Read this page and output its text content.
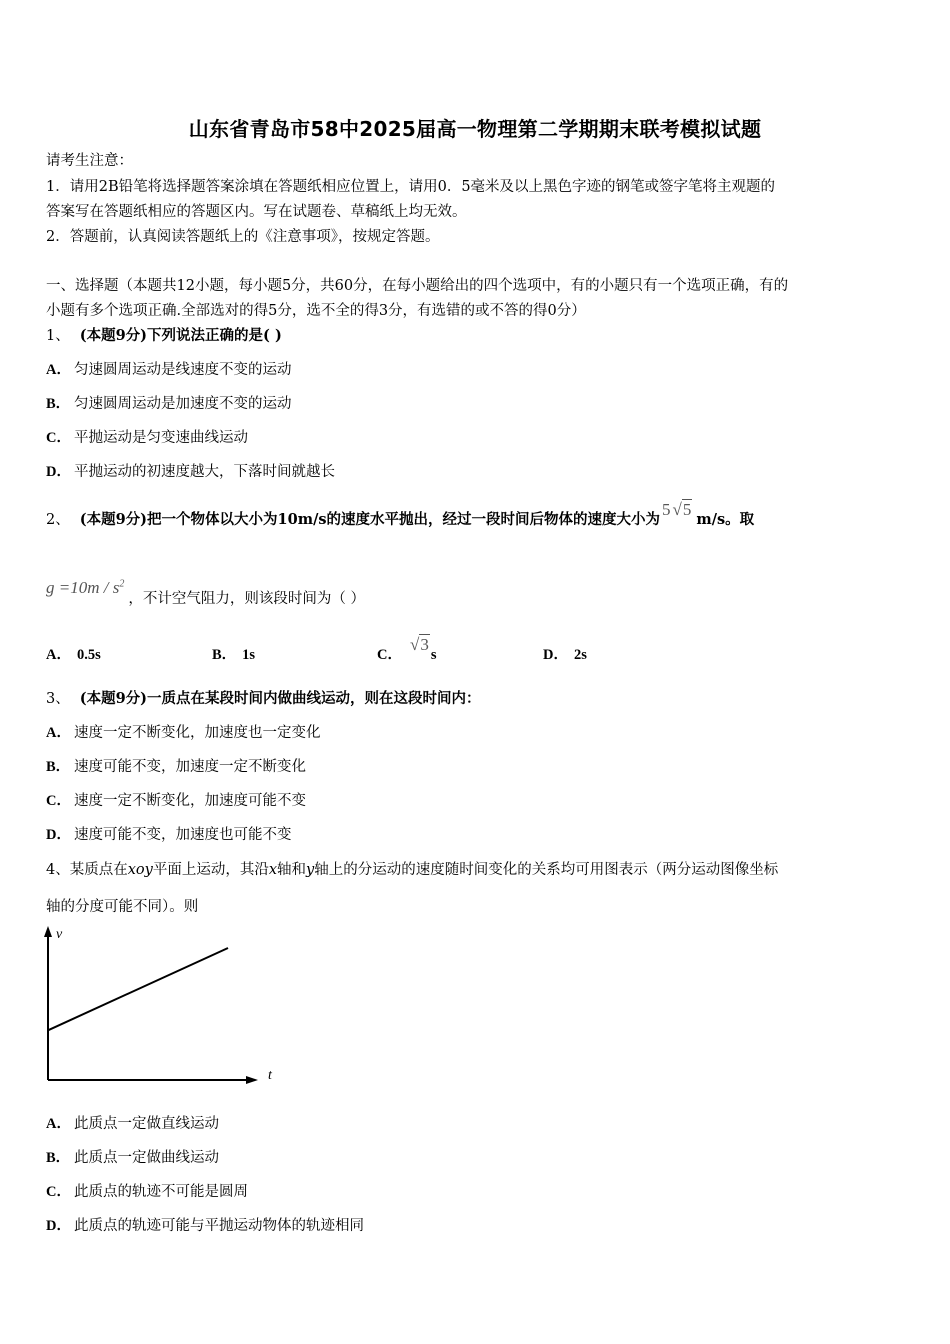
山东省青岛市58中2025届高一物理第二学期期末联考模拟试题
请考生注意：
1．请用2B铅笔将选择题答案涂填在答题纸相应位置上，请用0．5毫米及以上黑色字迹的钢笔或签字笔将主观题的
答案写在答题纸相应的答题区内。写在试题卷、草稿纸上均无效。
2．答题前，认真阅读答题纸上的《注意事项》，按规定答题。
一、选择题（本题共12小题，每小题5分，共60分，在每小题给出的四个选项中，有的小题只有一个选项正确，有的
小题有多个选项正确.全部选对的得5分，选不全的得3分，有选错的或不答的得0分）
1、 (本题9分)下列说法正确的是( )
A． 匀速圆周运动是线速度不变的运动
B． 匀速圆周运动是加速度不变的运动
C． 平抛运动是匀变速曲线运动
D． 平抛运动的初速度越大，下落时间就越长
2、 (本题9分)把一个物体以大小为10m/s的速度水平抛出，经过一段时间后物体的速度大小为5 √5m/s。取
$g =10m / s^2$，不计空气阻力，则该段时间为（ ）
A． 0.5s	B． 1s	C．√3s	D． 2s
3、 (本题9分)一质点在某段时间内做曲线运动，则在这段时间内：
A． 速度一定不断变化，加速度也一定变化
B． 速度可能不变，加速度一定不断变化
C． 速度一定不断变化，加速度可能不变
D． 速度可能不变，加速度也可能不变
4、某质点在xoy平面上运动，其沿x轴和y轴上的分运动的速度随时间变化的关系均可用图表示（两分运动图像坐标
轴的分度可能不同）。则
v
t
A． 此质点一定做直线运动
B． 此质点一定做曲线运动
C． 此质点的轨迹不可能是圆周
D． 此质点的轨迹可能与平抛运动物体的轨迹相同
